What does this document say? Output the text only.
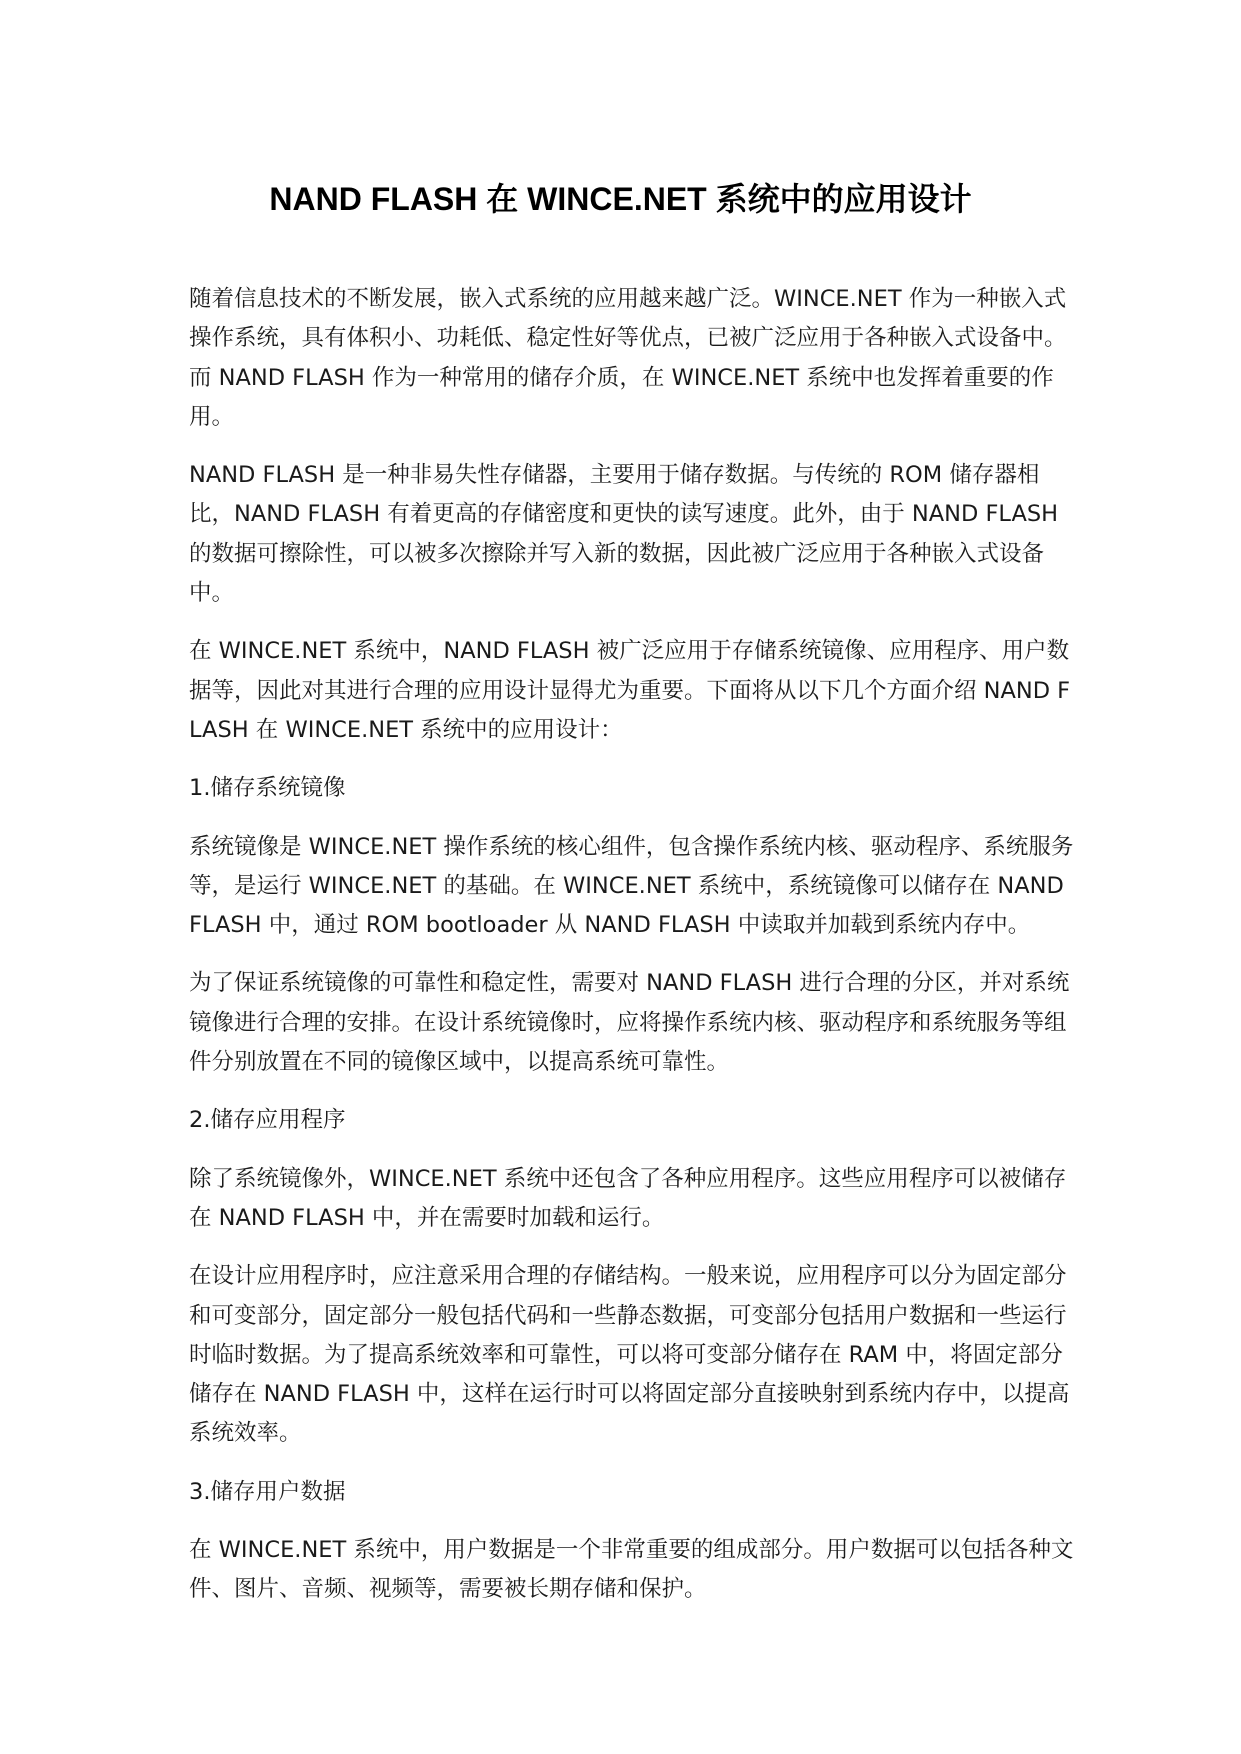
NAND FLASH 在 WINCE.NET 系统中的应用设计

随着信息技术的不断发展，嵌入式系统的应用越来越广泛。WINCE.NET 作为一种嵌入式操作系统，具有体积小、功耗低、稳定性好等优点，已被广泛应用于各种嵌入式设备中。而 NAND FLASH 作为一种常用的储存介质，在 WINCE.NET 系统中也发挥着重要的作用。

NAND FLASH 是一种非易失性存储器，主要用于储存数据。与传统的 ROM 储存器相比，NAND FLASH 有着更高的存储密度和更快的读写速度。此外，由于 NAND FLASH 的数据可擦除性，可以被多次擦除并写入新的数据，因此被广泛应用于各种嵌入式设备中。

在 WINCE.NET 系统中，NAND FLASH 被广泛应用于存储系统镜像、应用程序、用户数据等，因此对其进行合理的应用设计显得尤为重要。下面将从以下几个方面介绍 NAND FLASH 在 WINCE.NET 系统中的应用设计：

1.储存系统镜像

系统镜像是 WINCE.NET 操作系统的核心组件，包含操作系统内核、驱动程序、系统服务等，是运行 WINCE.NET 的基础。在 WINCE.NET 系统中，系统镜像可以储存在 NAND FLASH 中，通过 ROM bootloader 从 NAND FLASH 中读取并加载到系统内存中。

为了保证系统镜像的可靠性和稳定性，需要对 NAND FLASH 进行合理的分区，并对系统镜像进行合理的安排。在设计系统镜像时，应将操作系统内核、驱动程序和系统服务等组件分别放置在不同的镜像区域中，以提高系统可靠性。

2.储存应用程序

除了系统镜像外，WINCE.NET 系统中还包含了各种应用程序。这些应用程序可以被储存在 NAND FLASH 中，并在需要时加载和运行。

在设计应用程序时，应注意采用合理的存储结构。一般来说，应用程序可以分为固定部分和可变部分，固定部分一般包括代码和一些静态数据，可变部分包括用户数据和一些运行时临时数据。为了提高系统效率和可靠性，可以将可变部分储存在 RAM 中，将固定部分储存在 NAND FLASH 中，这样在运行时可以将固定部分直接映射到系统内存中，以提高系统效率。

3.储存用户数据

在 WINCE.NET 系统中，用户数据是一个非常重要的组成部分。用户数据可以包括各种文件、图片、音频、视频等，需要被长期存储和保护。
